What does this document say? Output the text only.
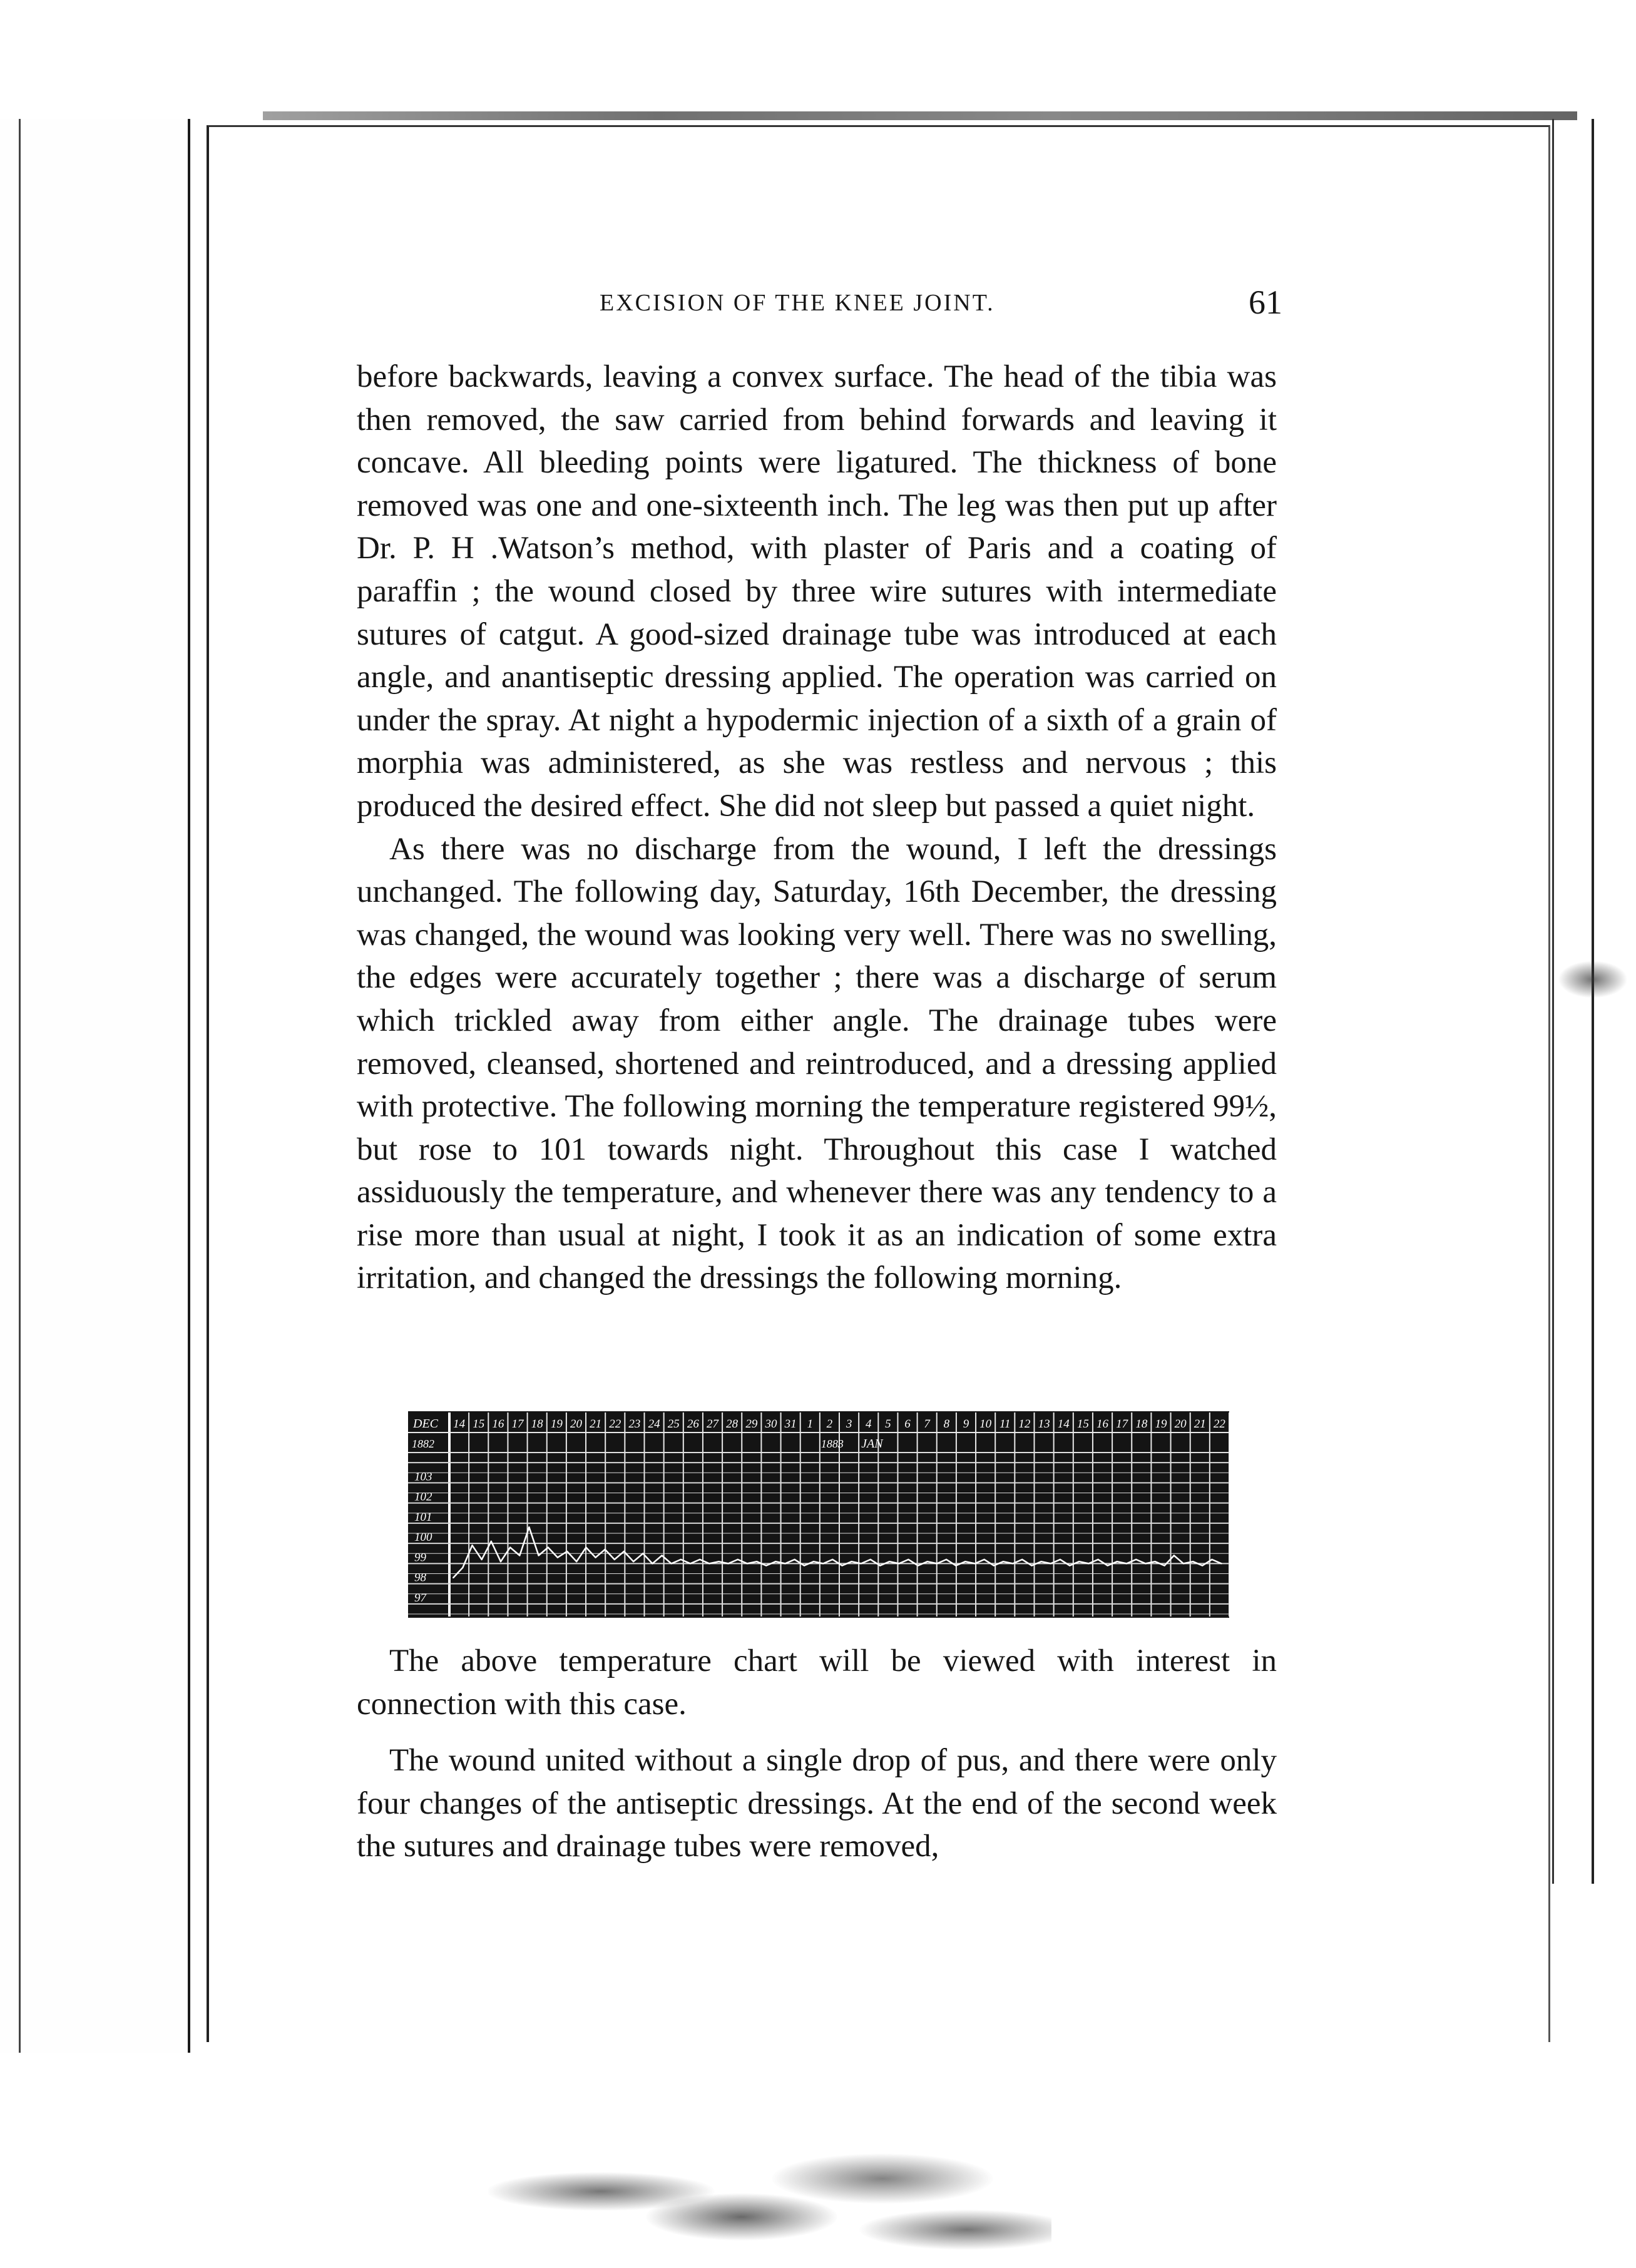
EXCISION OF THE KNEE JOINT.	61

before backwards, leaving a convex surface. The head of the tibia was then removed, the saw carried from behind forwards and leaving it concave. All bleeding points were ligatured. The thickness of bone removed was one and one-sixteenth inch. The leg was then put up after Dr. P. H .Watson’s method, with plaster of Paris and a coating of paraffin ; the wound closed by three wire sutures with intermediate sutures of catgut. A good-sized drainage tube was introduced at each angle, and anantiseptic dressing applied. The operation was carried on under the spray. At night a hypodermic injection of a sixth of a grain of morphia was administered, as she was restless and nervous ; this produced the desired effect. She did not sleep but passed a quiet night.

As there was no discharge from the wound, I left the dressings unchanged. The following day, Saturday, 16th December, the dressing was changed, the wound was looking very well. There was no swelling, the edges were accurately together ; there was a discharge of serum which trickled away from either angle. The drainage tubes were removed, cleansed, shortened and reintroduced, and a dressing applied with protective. The following morning the temperature registered 99½, but rose to 101 towards night. Throughout this case I watched assiduously the temperature, and whenever there was any tendency to a rise more than usual at night, I took it as an indication of some extra irritation, and changed the dressings the following morning.

DEC
JAN
1882	1883
14 15 16 17 18 19 20 21 22 23 24 25 26 27 28 29 30 31 1 2 3 4 5 6 7 8 9 10 11 12 13 14 15 16 17 18 19 20 21 22
97
98
99
100
101
102
103

The above temperature chart will be viewed with interest in connection with this case.

The wound united without a single drop of pus, and there were only four changes of the antiseptic dressings. At the end of the second week the sutures and drainage tubes were removed,
